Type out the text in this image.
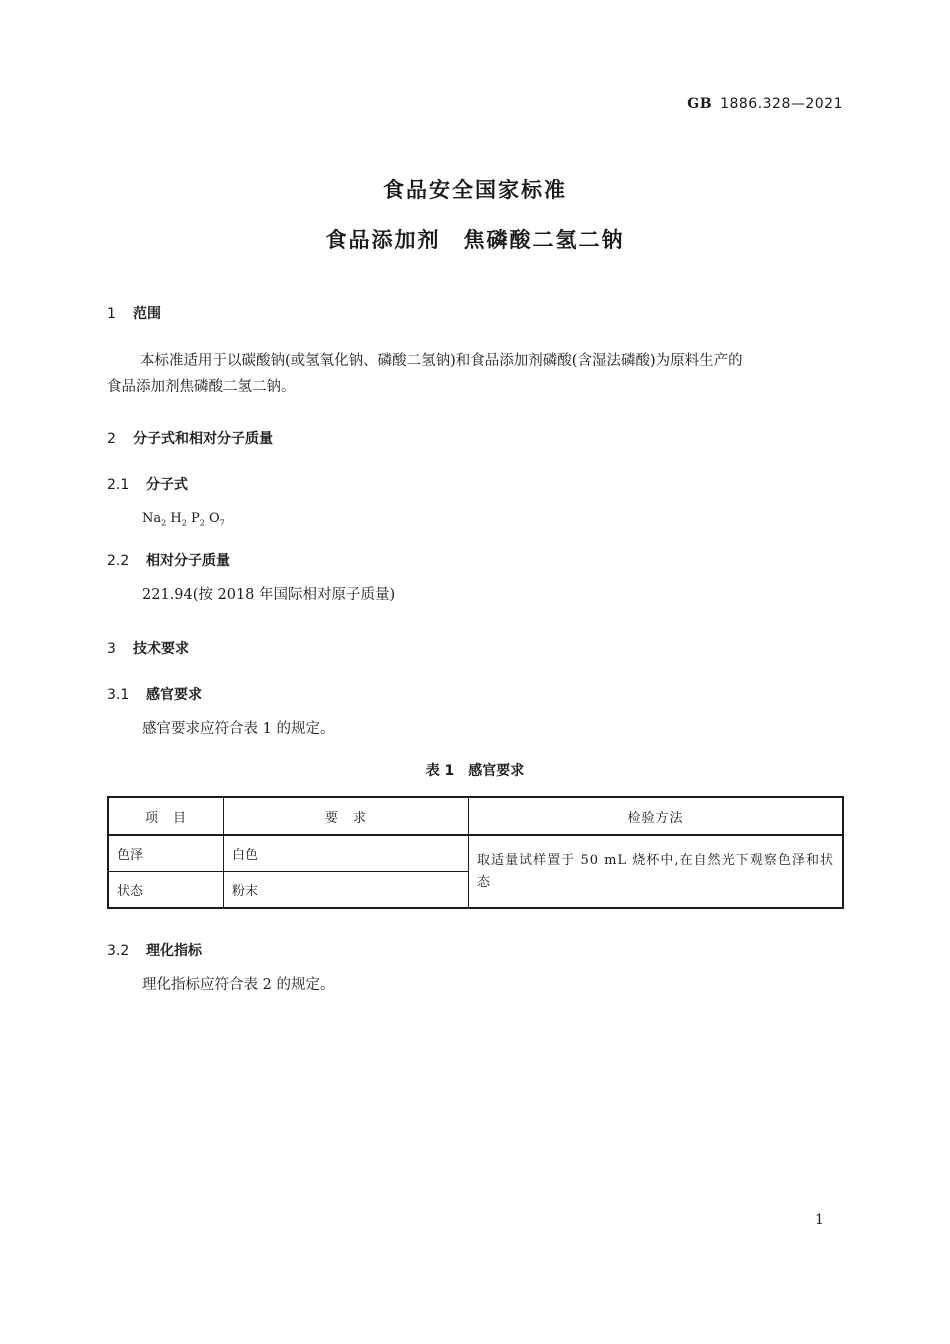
GB 1886.328—2021
食品安全国家标准
食品添加剂　焦磷酸二氢二钠
1 范围
本标准适用于以碳酸钠(或氢氧化钠、磷酸二氢钠)和食品添加剂磷酸(含湿法磷酸)为原料生产的
食品添加剂焦磷酸二氢二钠。
2 分子式和相对分子质量
2.1 分子式
$Na_2$ $H_2$ $P_2$ $O_7$
2.2 相对分子质量
221.94(按 2018 年国际相对原子质量)
3 技术要求
3.1 感官要求
感官要求应符合表 1 的规定。
表 1　感官要求
项　目	要　求	检验方法
色泽	白色	取适量试样置于 50 mL 烧杯中,在自然光下观察色泽和状态
状态	粉末	
3.2 理化指标
理化指标应符合表 2 的规定。
1
